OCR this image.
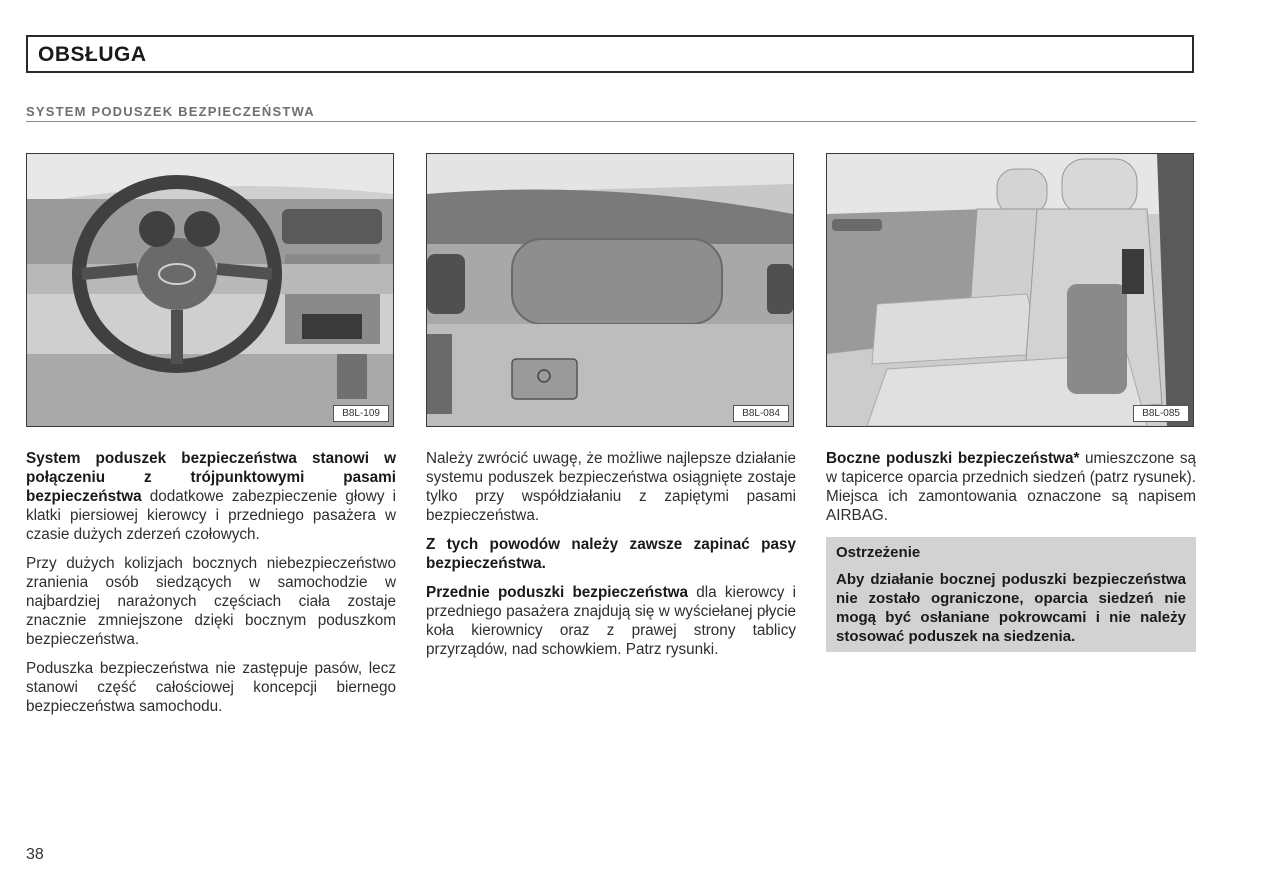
OBSŁUGA
SYSTEM PODUSZEK BEZPIECZEŃSTWA
B8L-109	B8L-084	B8L-085

System poduszek bezpieczeństwa stanowi w połączeniu z trójpunktowymi pasami bezpieczeństwa dodatkowe zabezpieczenie głowy i klatki piersiowej kierowcy i przedniego pasażera w czasie dużych zderzeń czołowych.

Przy dużych kolizjach bocznych niebezpieczeństwo zranienia osób siedzących w samochodzie w najbardziej narażonych częściach ciała zostaje znacznie zmniejszone dzięki bocznym poduszkom bezpieczeństwa.

Poduszka bezpieczeństwa nie zastępuje pasów, lecz stanowi część całościowej koncepcji biernego bezpieczeństwa samochodu.

Należy zwrócić uwagę, że możliwe najlepsze działanie systemu poduszek bezpieczeństwa osiągnięte zostaje tylko przy współdziałaniu z zapiętymi pasami bezpieczeństwa.

Z tych powodów należy zawsze zapinać pasy bezpieczeństwa.

Przednie poduszki bezpieczeństwa dla kierowcy i przedniego pasażera znajdują się w wyściełanej płycie koła kierownicy oraz z prawej strony tablicy przyrządów, nad schowkiem. Patrz rysunki.

Boczne poduszki bezpieczeństwa* umieszczone są w tapicerce oparcia przednich siedzeń (patrz rysunek). Miejsca ich zamontowania oznaczone są napisem AIRBAG.

Ostrzeżenie
Aby działanie bocznej poduszki bezpieczeństwa nie zostało ograniczone, oparcia siedzeń nie mogą być osłaniane pokrowcami i nie należy stosować poduszek na siedzenia.
38
